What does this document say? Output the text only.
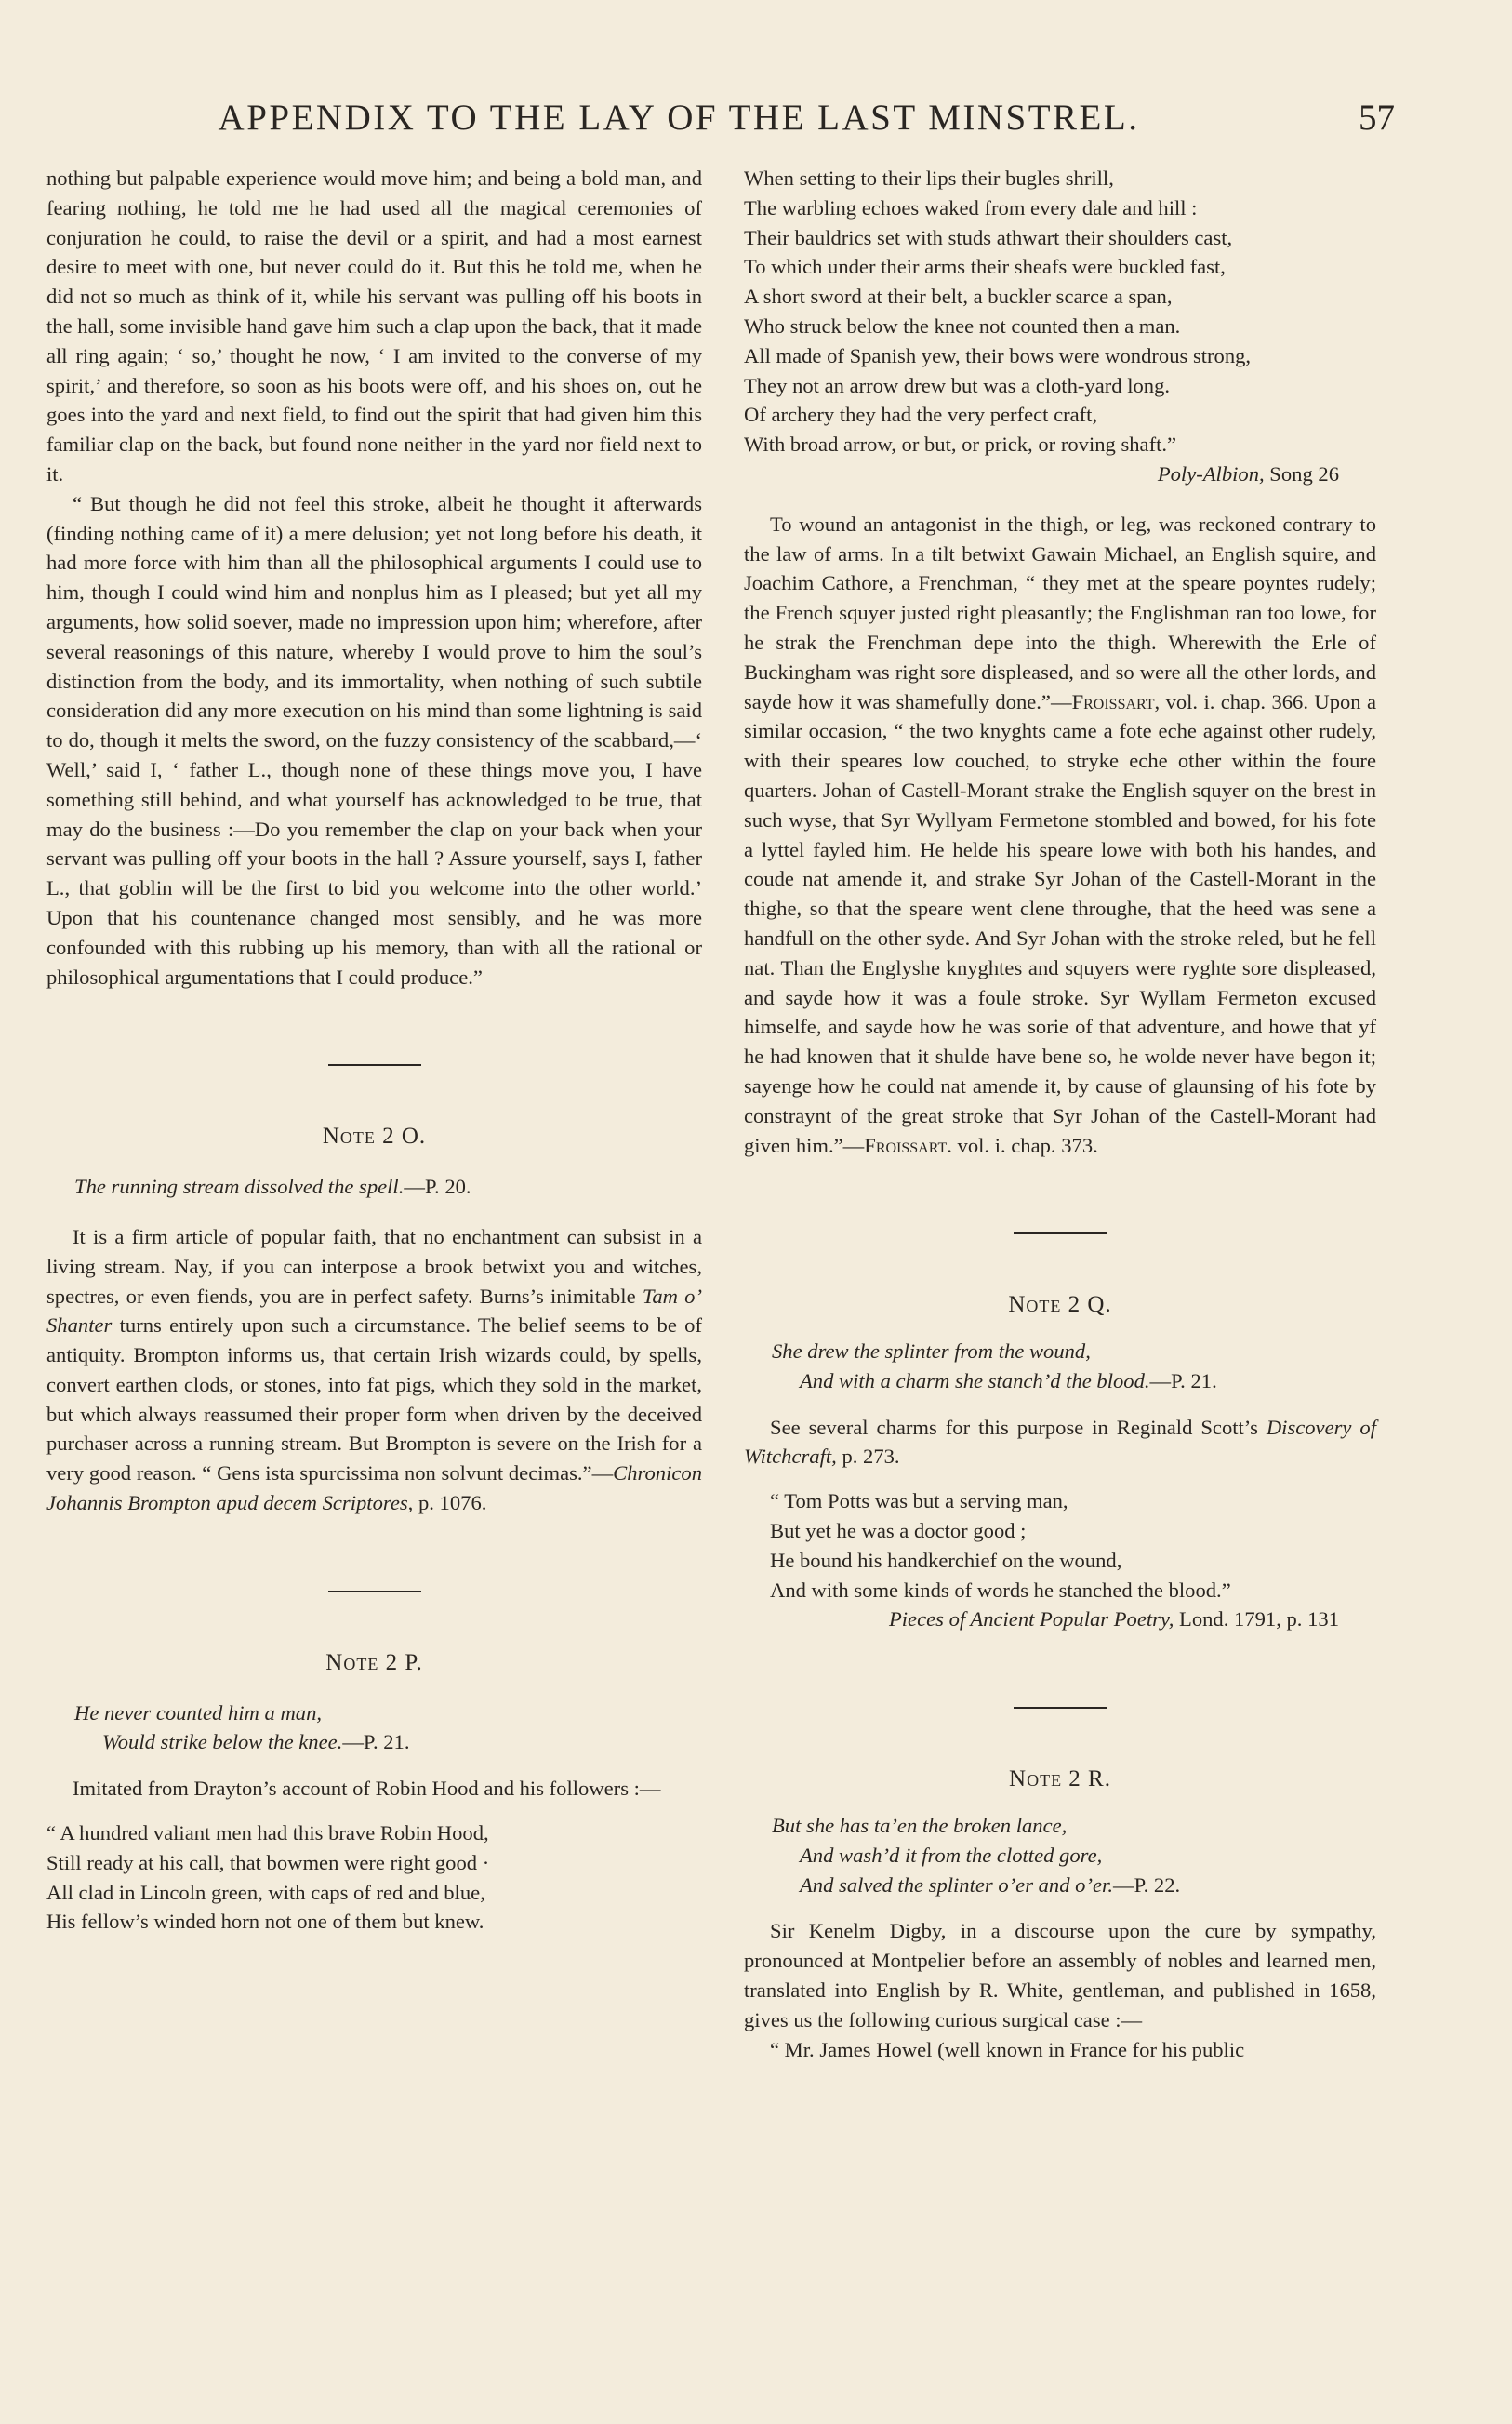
APPENDIX TO THE LAY OF THE LAST MINSTREL.	57

nothing but palpable experience would move him; and being a bold man, and fearing nothing, he told me he had used all the magical ceremonies of conjuration he could, to raise the devil or a spirit, and had a most earnest desire to meet with one, but never could do it. But this he told me, when he did not so much as think of it, while his servant was pulling off his boots in the hall, some invisible hand gave him such a clap upon the back, that it made all ring again; ‘ so,’ thought he now, ‘ I am invited to the converse of my spirit,’ and therefore, so soon as his boots were off, and his shoes on, out he goes into the yard and next field, to find out the spirit that had given him this familiar clap on the back, but found none neither in the yard nor field next to it.

“ But though he did not feel this stroke, albeit he thought it afterwards (finding nothing came of it) a mere delusion; yet not long before his death, it had more force with him than all the philosophical arguments I could use to him, though I could wind him and nonplus him as I pleased; but yet all my arguments, how solid soever, made no impression upon him; wherefore, after several reasonings of this nature, whereby I would prove to him the soul’s distinction from the body, and its immortality, when nothing of such subtile consideration did any more execution on his mind than some lightning is said to do, though it melts the sword, on the fuzzy consistency of the scabbard,—‘ Well,’ said I, ‘ father L., though none of these things move you, I have something still behind, and what yourself has acknowledged to be true, that may do the business :—Do you remember the clap on your back when your servant was pulling off your boots in the hall ? Assure yourself, says I, father L., that goblin will be the first to bid you welcome into the other world.’ Upon that his countenance changed most sensibly, and he was more confounded with this rubbing up his memory, than with all the rational or philosophical argumentations that I could produce.”

Note 2 O.

The running stream dissolved the spell.—P. 20.

It is a firm article of popular faith, that no enchantment can subsist in a living stream. Nay, if you can interpose a brook betwixt you and witches, spectres, or even fiends, you are in perfect safety. Burns’s inimitable Tam o’ Shanter turns entirely upon such a circumstance. The belief seems to be of antiquity. Brompton informs us, that certain Irish wizards could, by spells, convert earthen clods, or stones, into fat pigs, which they sold in the market, but which always reassumed their proper form when driven by the deceived purchaser across a running stream. But Brompton is severe on the Irish for a very good reason. “ Gens ista spurcissima non solvunt decimas.”—Chronicon Johannis Brompton apud decem Scriptores, p. 1076.

Note 2 P.

He never counted him a man,
Would strike below the knee.—P. 21.

Imitated from Drayton’s account of Robin Hood and his followers :—

“ A hundred valiant men had this brave Robin Hood,
Still ready at his call, that bowmen were right good ·
All clad in Lincoln green, with caps of red and blue,
His fellow’s winded horn not one of them but knew.
When setting to their lips their bugles shrill,
The warbling echoes waked from every dale and hill :
Their bauldrics set with studs athwart their shoulders cast,
To which under their arms their sheafs were buckled fast,
A short sword at their belt, a buckler scarce a span,
Who struck below the knee not counted then a man.
All made of Spanish yew, their bows were wondrous strong,
They not an arrow drew but was a cloth-yard long.
Of archery they had the very perfect craft,
With broad arrow, or but, or prick, or roving shaft.”

Poly-Albion, Song 26

To wound an antagonist in the thigh, or leg, was reckoned contrary to the law of arms. In a tilt betwixt Gawain Michael, an English squire, and Joachim Cathore, a Frenchman, “ they met at the speare poyntes rudely; the French squyer justed right pleasantly; the Englishman ran too lowe, for he strak the Frenchman depe into the thigh. Wherewith the Erle of Buckingham was right sore displeased, and so were all the other lords, and sayde how it was shamefully done.”—Froissart, vol. i. chap. 366. Upon a similar occasion, “ the two knyghts came a fote eche against other rudely, with their speares low couched, to stryke eche other within the foure quarters. Johan of Castell-Morant strake the English squyer on the brest in such wyse, that Syr Wyllyam Fermetone stombled and bowed, for his fote a lyttel fayled him. He helde his speare lowe with both his handes, and coude nat amende it, and strake Syr Johan of the Castell-Morant in the thighe, so that the speare went clene throughe, that the heed was sene a handfull on the other syde. And Syr Johan with the stroke reled, but he fell nat. Than the Englyshe knyghtes and squyers were ryghte sore displeased, and sayde how it was a foule stroke. Syr Wyllam Fermeton excused himselfe, and sayde how he was sorie of that adventure, and howe that yf he had knowen that it shulde have bene so, he wolde never have begon it; sayenge how he could nat amende it, by cause of glaunsing of his fote by constraynt of the great stroke that Syr Johan of the Castell-Morant had given him.”—Froissart. vol. i. chap. 373.

Note 2 Q.

She drew the splinter from the wound,
And with a charm she stanch’d the blood.—P. 21.

See several charms for this purpose in Reginald Scott’s Discovery of Witchcraft, p. 273.

“ Tom Potts was but a serving man,
But yet he was a doctor good ;
He bound his handkerchief on the wound,
And with some kinds of words he stanched the blood.”

Pieces of Ancient Popular Poetry, Lond. 1791, p. 131

Note 2 R.

But she has ta’en the broken lance,
And wash’d it from the clotted gore,
And salved the splinter o’er and o’er.—P. 22.

Sir Kenelm Digby, in a discourse upon the cure by sympathy, pronounced at Montpelier before an assembly of nobles and learned men, translated into English by R. White, gentleman, and published in 1658, gives us the following curious surgical case :—

“ Mr. James Howel (well known in France for his public
